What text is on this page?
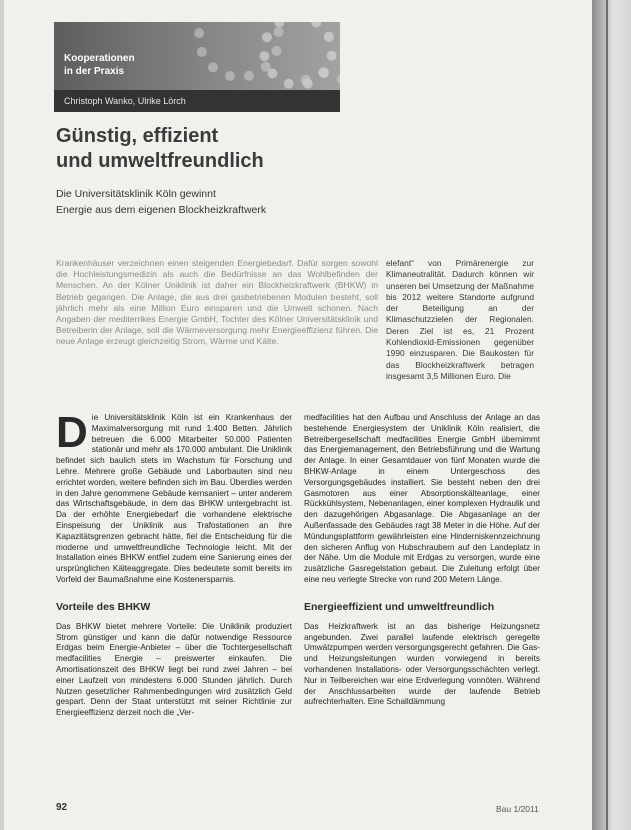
Kooperationen
in der Praxis
Christoph Wanko, Ulrike Lörch
Günstig, effizient
und umweltfreundlich
Die Universitätsklinik Köln gewinnt
Energie aus dem eigenen Blockheizkraftwerk

Krankenhäuser verzeichnen einen steigenden Energiebedarf. Dafür sorgen sowohl die Hochleistungsmedizin als auch die Bedürfnisse an das Wohlbefinden der Menschen. An der Kölner Uniklinik ist daher ein Blockheizkraftwerk (BHKW) in Betrieb gegangen. Die Anlage, die aus drei gasbetriebenen Modulen besteht, soll jährlich mehr als eine Million Euro einsparen und die Umwelt schonen. Nach Angaben der mediterrikes Energie GmbH, Tochter des Kölner Universitätsklinik und Betreiberin der Anlage, soll die Wärmeversorgung mehr Energieeffizienz führen. Die neue Anlage erzeugt gleichzeitig Strom, Wärme und Kälte.

elefant“ von Primärenergie zur Klimaneutralität. Dadurch können wir unseren bei Umsetzung der Maßnahme bis 2012 weitere Standorte aufgrund der Beteiligung an der Klimaschutzzielen der Regionalen. Deren Ziel ist es, 21 Prozent Kohlendioxid-Emissionen gegenüber 1990 einzusparen. Die Baukosten für das Blockheizkraftwerk betragen insgesamt 3,5 Millionen Euro. Die

D ie Universitätsklinik Köln ist ein Krankenhaus der Maximalversorgung mit rund 1.400 Betten. Jährlich betreuen die 6.000 Mitarbeiter 50.000 Patienten stationär und mehr als 170.000 ambulant. Die Uniklinik befindet sich baulich stets im Wachstum für Forschung und Lehre. Mehrere große Gebäude und Laborbauten sind neu errichtet worden, weitere befinden sich im Bau. Überdies werden in den Jahre genommene Gebäude kernsaniert – unter anderem das Wirtschaftsgebäude, in dem das BHKW untergebracht ist. Da der erhöhte Energiebedarf die vorhandene elektrische Einspeisung der Uniklinik aus Trafostationen an ihre Kapazitätsgrenzen gebracht hätte, fiel die Entscheidung für die moderne und umweltfreundliche Technologie leicht. Mit der Installation eines BHKW entfiel zudem eine Sanierung eines der ursprünglichen Kälteaggregate. Dies bedeutete somit bereits im Vorfeld der Baumaßnahme eine Kostenersparnis.

Vorteile des BHKW

Das BHKW bietet mehrere Vorteile: Die Uniklinik produziert Strom günstiger und kann die dafür notwendige Ressource Erdgas beim Energie-Anbieter – über die Tochtergesellschaft medfacilities Energie – preiswerter einkaufen. Die Amortisationszeit des BHKW liegt bei rund zwei Jahren – bei einer Laufzeit von mindestens 6.000 Stunden jährlich. Durch Nutzen gesetzlicher Rahmenbedingungen wird zusätzlich Geld gespart. Denn der Staat unterstützt mit seiner Richtlinie zur Energieeffizienz derzeit noch die „Ver-

medfacilities hat den Aufbau und Anschluss der Anlage an das bestehende Energiesystem der Uniklinik Köln realisiert, die Betreibergesellschaft medfacilities Energie GmbH übernimmt das Energiemanagement, den Betriebsführung und die Wartung der Anlage. In einer Gesamtdauer von fünf Monaten wurde die BHKW-Anlage in einem Untergeschoss des Versorgungsgebäudes installiert. Sie besteht neben den drei Gasmotoren aus einer Absorptionskälteanlage, einer Rückkühlsystem, Nebenanlagen, einer komplexen Hydraulik und den dazugehörigen Abgasanlage. Die Abgasanlage an der Außenfassade des Gebäudes ragt 38 Meter in die Höhe. Auf der Mündungsplattform gewährleisten eine Hinderniskennzeichnung den sicheren Anflug von Hubschraubern auf den Landeplatz in der Nähe. Um die Module mit Erdgas zu versorgen, wurde eine zusätzliche Gasregelstation gebaut. Die Zuleitung erfolgt über eine neu verlegte Strecke von rund 200 Metern Länge.

Energieeffizient und umweltfreundlich

Das Heizkraftwerk ist an das bisherige Heizungsnetz angebunden. Zwei parallel laufende elektrisch geregelte Umwälzpumpen werden versorgungsgerecht gefahren. Die Gas- und Heizungsleitungen wurden vorwiegend in bereits vorhandenen Installations- oder Versorgungsschächten verlegt. Nur in Teilbereichen war eine Erdverlegung vonnöten. Während der Anschlussarbeiten wurde der laufende Betrieb aufrechterhalten. Eine Schalldämmung

92	Bau 1/2011
